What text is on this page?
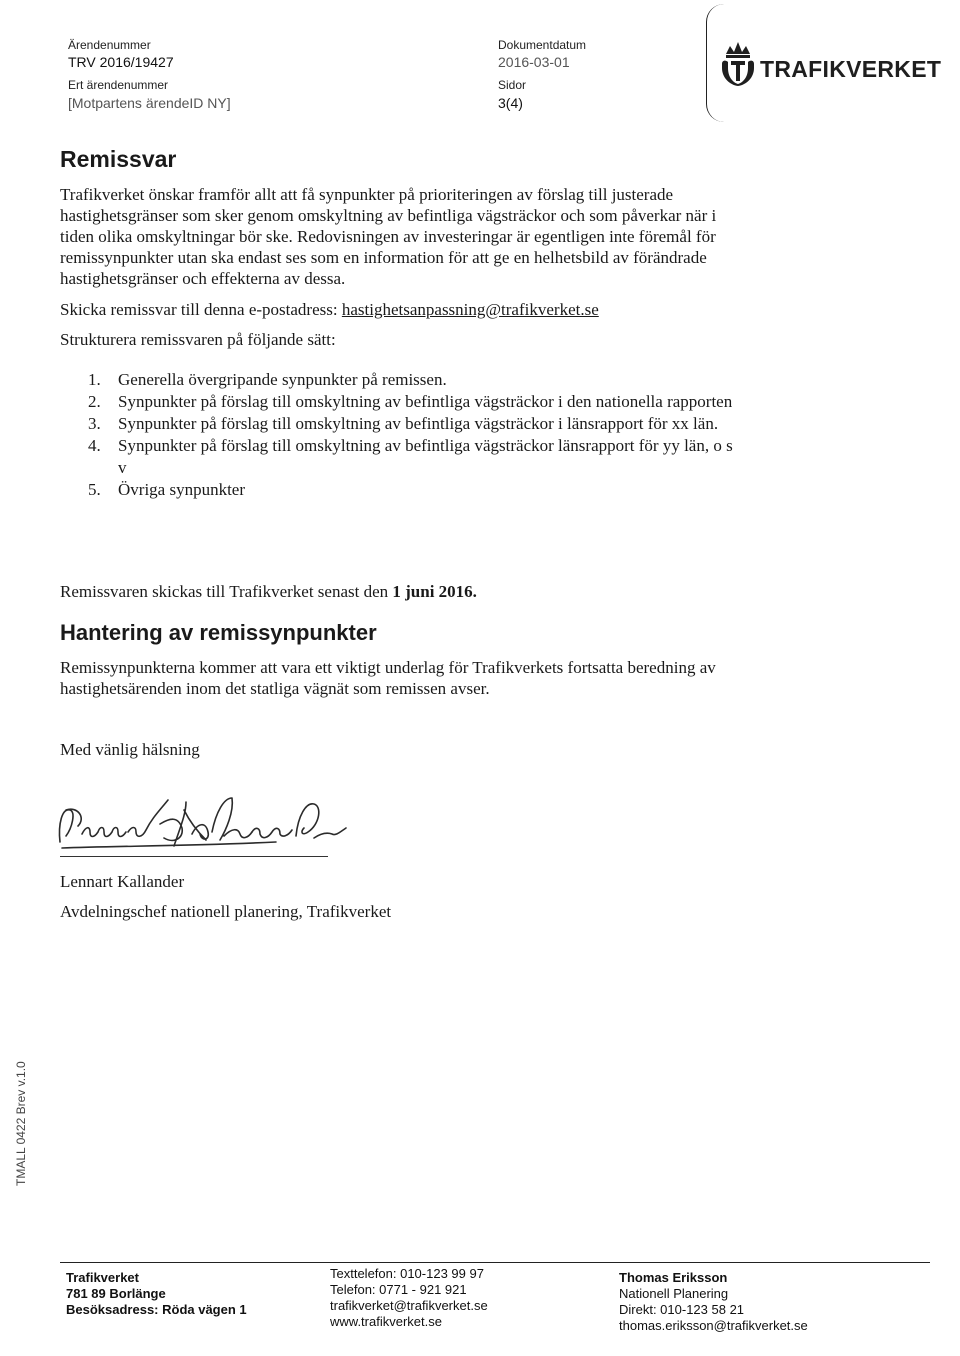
Ärendenummer
TRV 2016/19427
Ert ärendenummer
[Motpartens ärendeID NY]
Dokumentdatum
2016-03-01
Sidor
3(4)
TRAFIKVERKET
Remissvar

Trafikverket önskar framför allt att få synpunkter på prioriteringen av förslag till justerade hastighetsgränser som sker genom omskyltning av befintliga vägsträckor och som påverkar när i tiden olika omskyltningar bör ske. Redovisningen av investeringar är egentligen inte föremål för remissynpunkter utan ska endast ses som en information för att ge en helhetsbild av förändrade hastighetsgränser och effekterna av dessa.

Skicka remissvar till denna e-postadress: hastighetsanpassning@trafikverket.se

Strukturera remissvaren på följande sätt:

1. Generella övergripande synpunkter på remissen.
2. Synpunkter på förslag till omskyltning av befintliga vägsträckor i den nationella rapporten
3. Synpunkter på förslag till omskyltning av befintliga vägsträckor i länsrapport för xx län.
4. Synpunkter på förslag till omskyltning av befintliga vägsträckor länsrapport för yy län, o s v
5. Övriga synpunkter

Remissvaren skickas till Trafikverket senast den 1 juni 2016.

Hantering av remissynpunkter

Remissynpunkterna kommer att vara ett viktigt underlag för Trafikverkets fortsatta beredning av hastighetsärenden inom det statliga vägnät som remissen avser.

Med vänlig hälsning

Lennart Kallander

Avdelningschef nationell planering, Trafikverket

TMALL 0422 Brev v.1.0
Trafikverket
781 89 Borlänge
Besöksadress: Röda vägen 1
Texttelefon: 010-123 99 97
Telefon: 0771 - 921 921
trafikverket@trafikverket.se
www.trafikverket.se
Thomas Eriksson
Nationell Planering
Direkt: 010-123 58 21
thomas.eriksson@trafikverket.se
